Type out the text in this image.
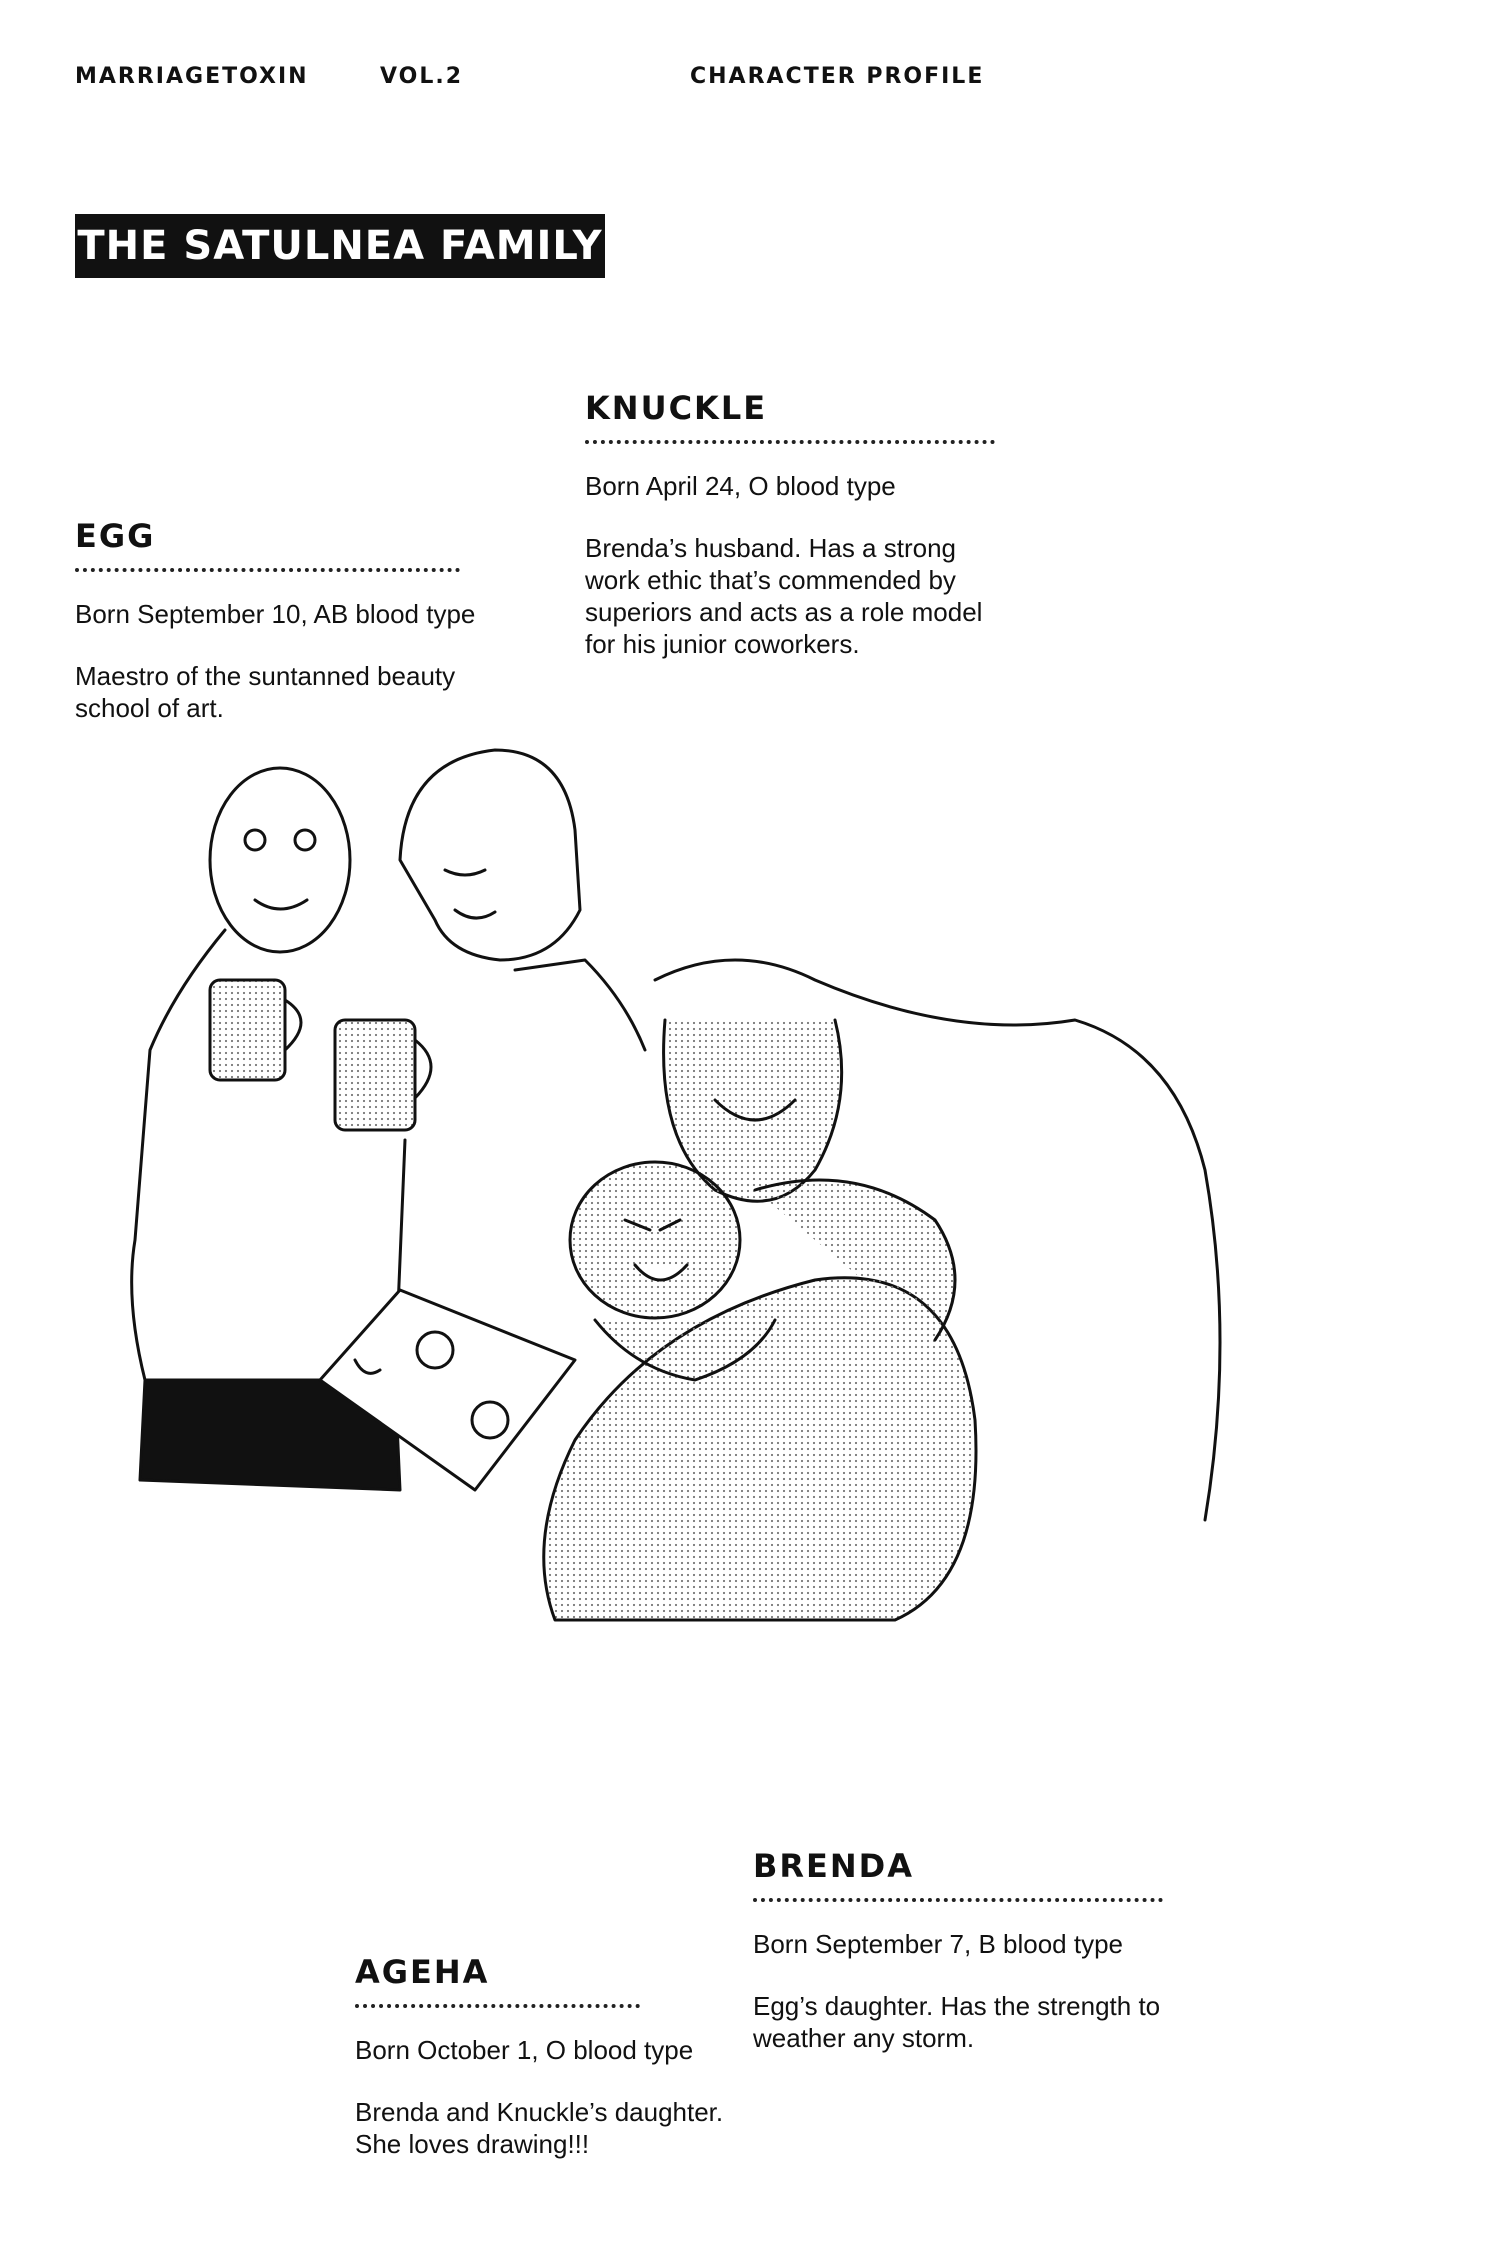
MARRIAGETOXIN	VOL.2	CHARACTER PROFILE
THE SATULNEA FAMILY
KNUCKLE
Born April 24, O blood type
Brenda’s husband. Has a strong work ethic that’s commended by superiors and acts as a role model for his junior coworkers.
EGG
Born September 10, AB blood type
Maestro of the suntanned beauty school of art.
BRENDA
Born September 7, B blood type
Egg’s daughter. Has the strength to weather any storm.
AGEHA
Born October 1, O blood type
Brenda and Knuckle’s daughter. She loves drawing!!!
